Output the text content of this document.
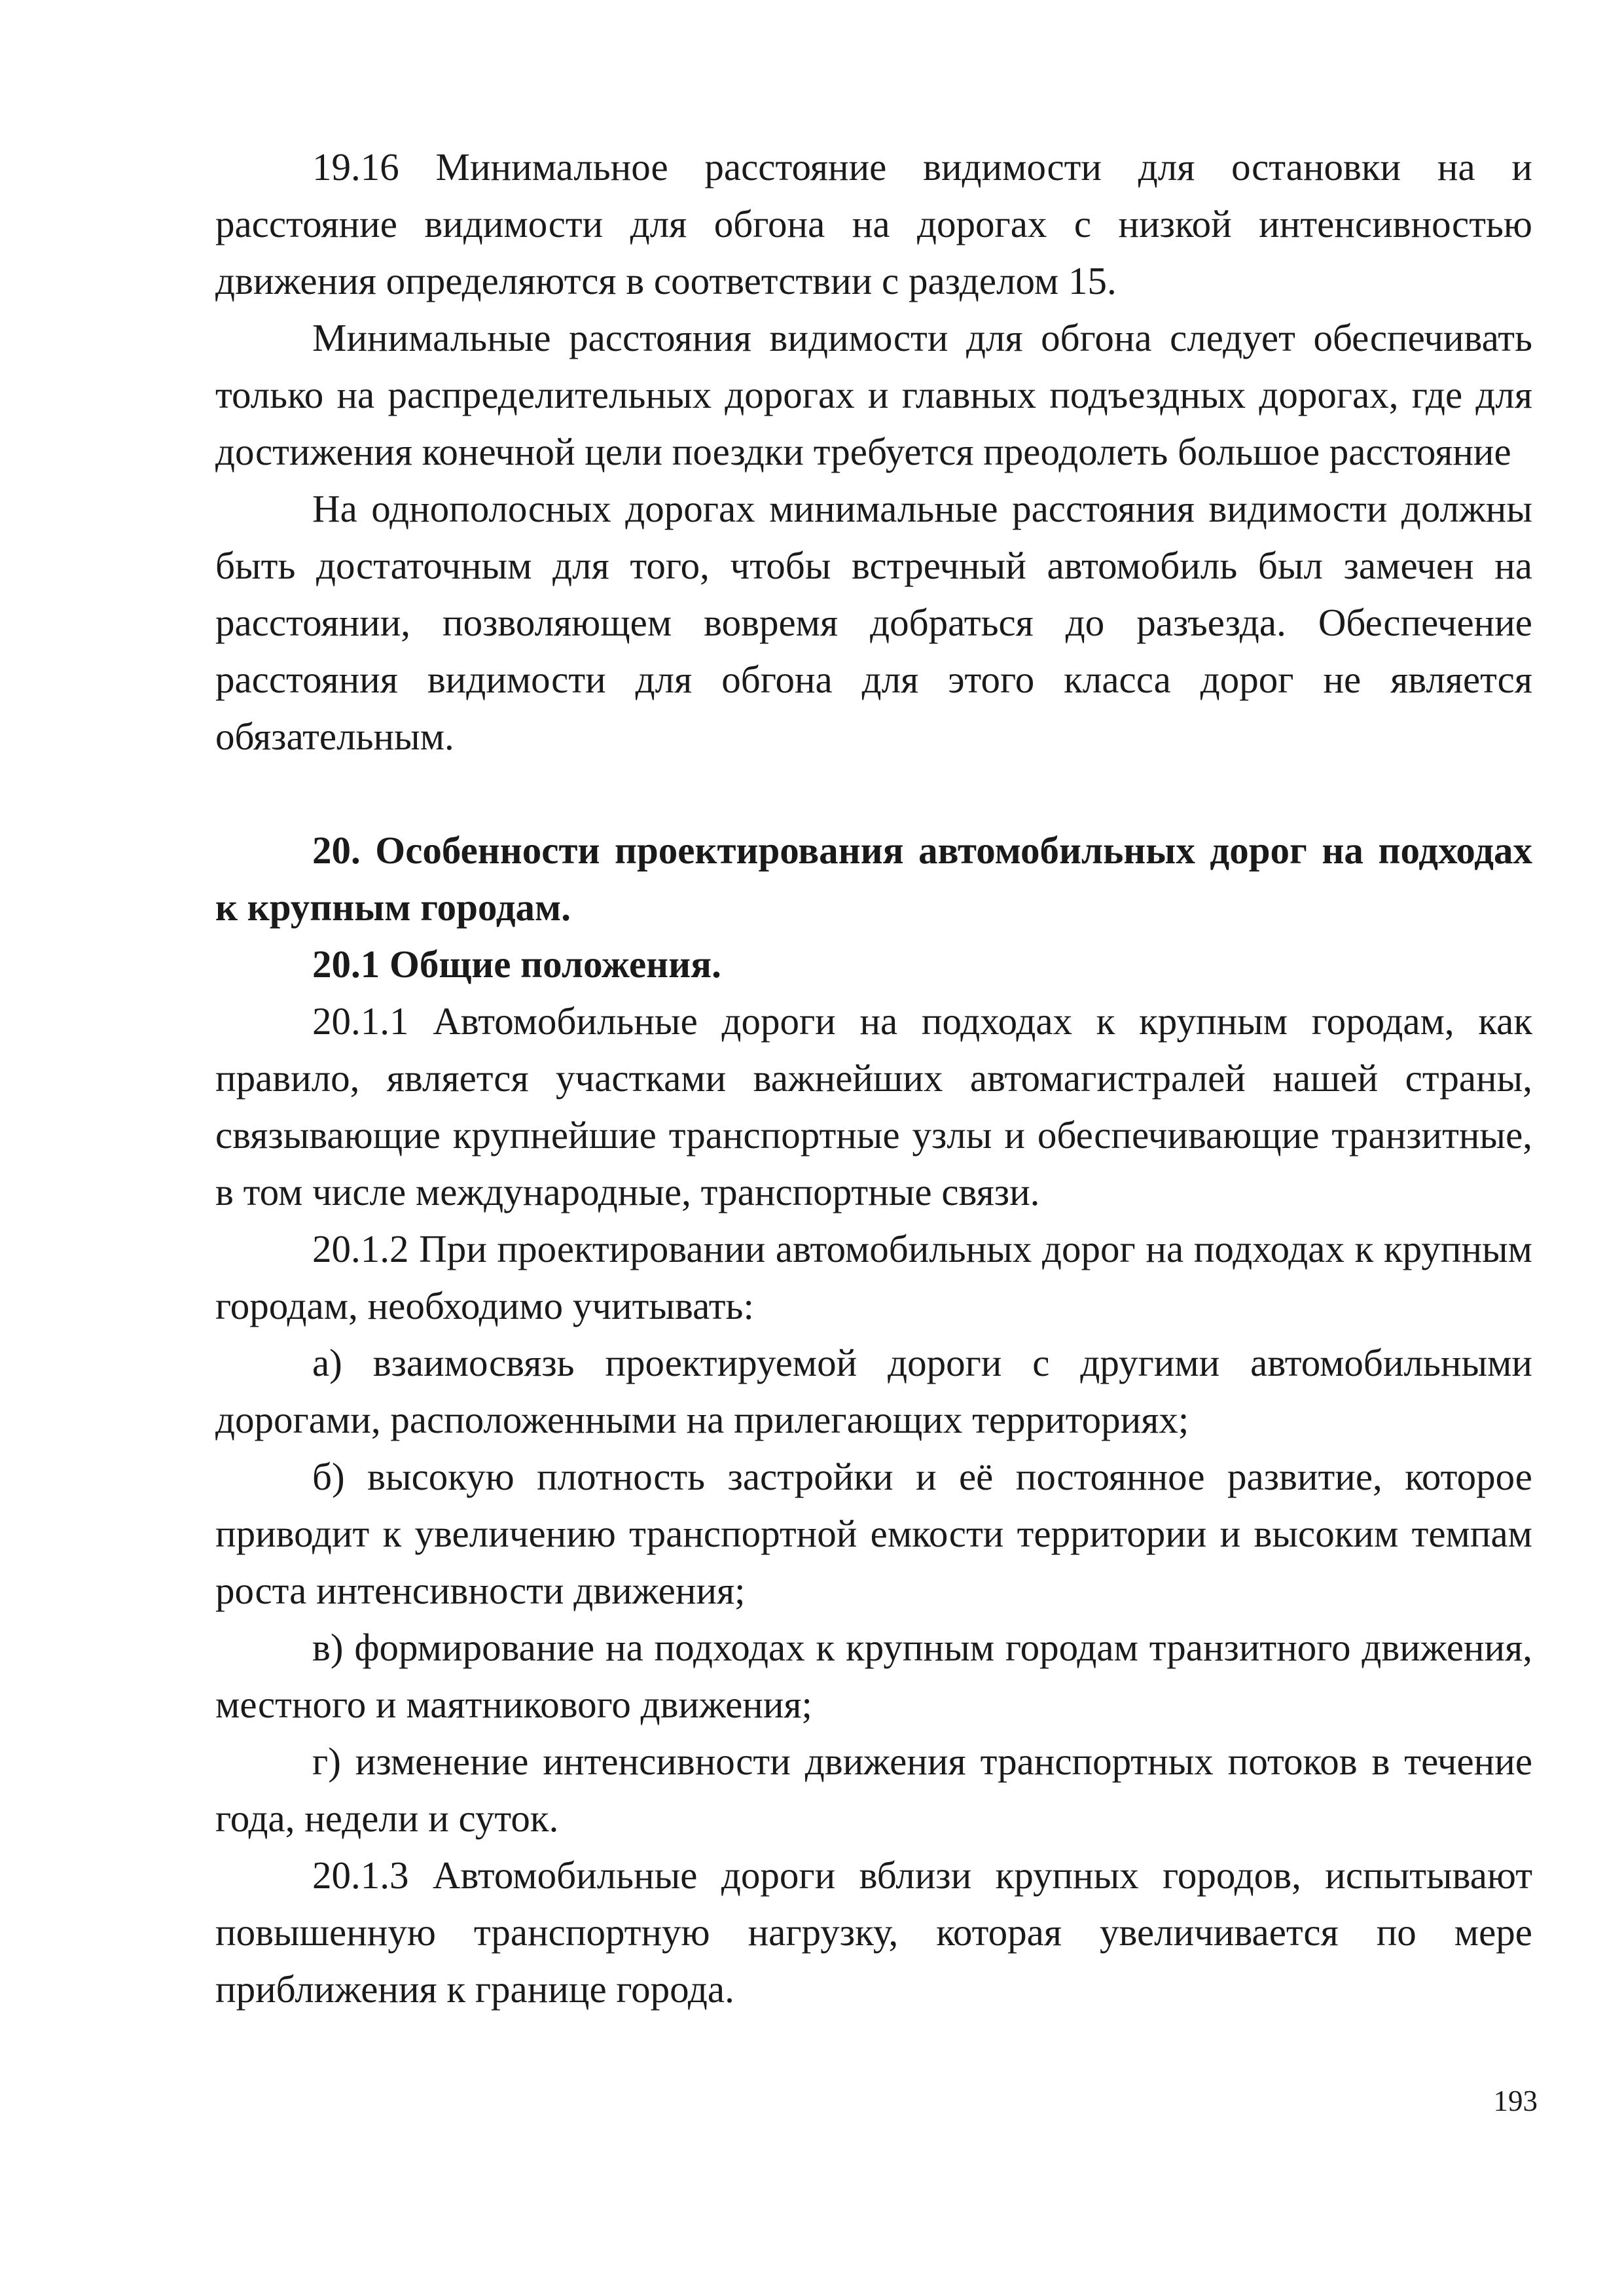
19.16 Минимальное расстояние видимости для остановки на и расстояние видимости для обгона на дорогах с низкой интенсивностью движения определяются в соответствии с разделом 15.

Минимальные расстояния видимости для обгона следует обеспечивать только на распределительных дорогах и главных подъездных дорогах, где для достижения конечной цели поездки требуется преодолеть большое расстояние

На однополосных дорогах минимальные расстояния видимости должны быть достаточным для того, чтобы встречный автомобиль был замечен на расстоянии, позволяющем вовремя добраться до разъезда. Обеспечение расстояния видимости для обгона для этого класса дорог не является обязательным.

20. Особенности проектирования автомобильных дорог на подходах к крупным городам.

20.1 Общие положения.

20.1.1 Автомобильные дороги на подходах к крупным городам, как правило, является участками важнейших автомагистралей нашей страны, связывающие крупнейшие транспортные узлы и обеспечивающие транзитные, в том числе международные, транспортные связи.

20.1.2 При проектировании автомобильных дорог на подходах к крупным городам, необходимо учитывать:

а) взаимосвязь проектируемой дороги с другими автомобильными дорогами, расположенными на прилегающих территориях;

б) высокую плотность застройки и её постоянное развитие, которое приводит к увеличению транспортной емкости территории и высоким темпам роста интенсивности движения;

в) формирование на подходах к крупным городам транзитного движения, местного и маятникового движения;

г) изменение интенсивности движения транспортных потоков в течение года, недели и суток.

20.1.3 Автомобильные дороги вблизи крупных городов, испытывают повышенную транспортную нагрузку, которая увеличивается по мере приближения к границе города.

193
